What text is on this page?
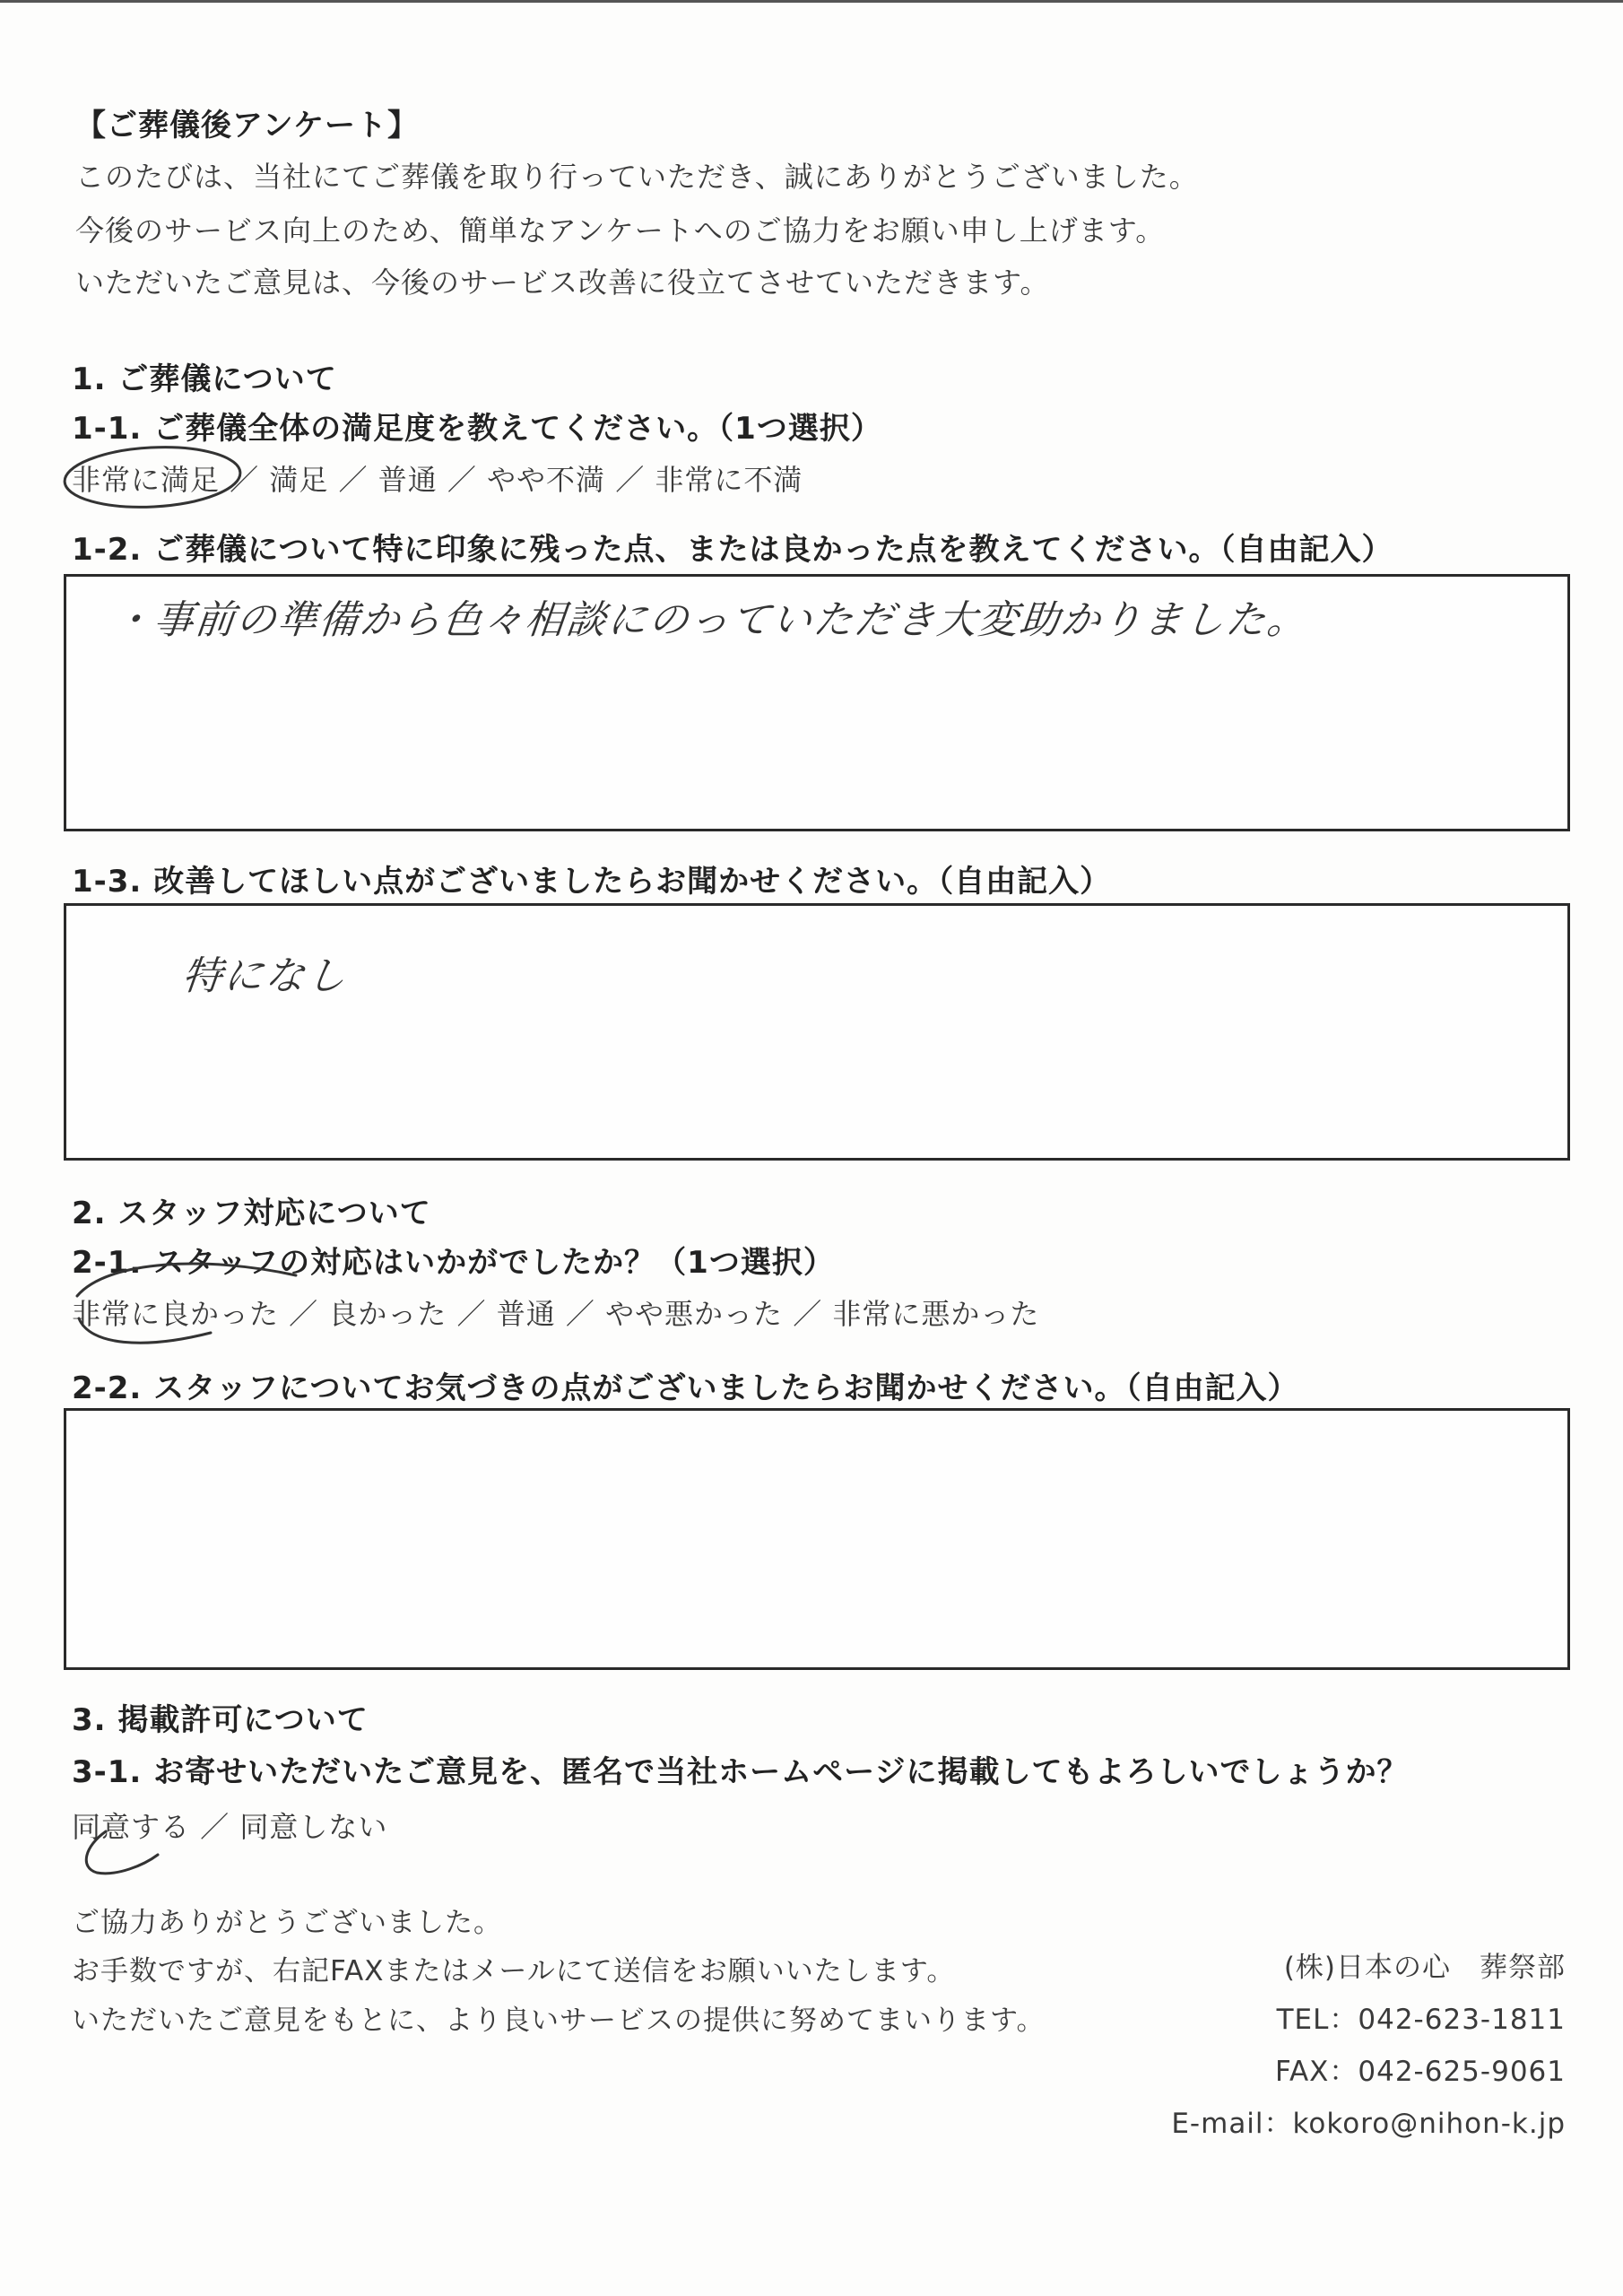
【ご葬儀後アンケート】
このたびは、当社にてご葬儀を取り行っていただき、誠にありがとうございました。
今後のサービス向上のため、簡単なアンケートへのご協力をお願い申し上げます。
いただいたご意見は、今後のサービス改善に役立てさせていただきます。
1. ご葬儀について
1-1. ご葬儀全体の満足度を教えてください。（1つ選択）
非常に満足 ／ 満足 ／ 普通 ／ やや不満 ／ 非常に不満
1-2. ご葬儀について特に印象に残った点、または良かった点を教えてください。（自由記入）
・事前の準備から色々相談にのっていただき大変助かりました。
1-3. 改善してほしい点がございましたらお聞かせください。（自由記入）
特になし
2. スタッフ対応について
2-1. スタッフの対応はいかがでしたか？（1つ選択）
非常に良かった ／ 良かった ／ 普通 ／ やや悪かった ／ 非常に悪かった
2-2. スタッフについてお気づきの点がございましたらお聞かせください。（自由記入）
3. 掲載許可について
3-1. お寄せいただいたご意見を、匿名で当社ホームページに掲載してもよろしいでしょうか？
同意する ／ 同意しない
ご協力ありがとうございました。
お手数ですが、右記FAXまたはメールにて送信をお願いいたします。
いただいたご意見をもとに、より良いサービスの提供に努めてまいります。
(株)日本の心　葬祭部
TEL：042-623-1811
FAX：042-625-9061
E-mail：kokoro@nihon-k.jp
